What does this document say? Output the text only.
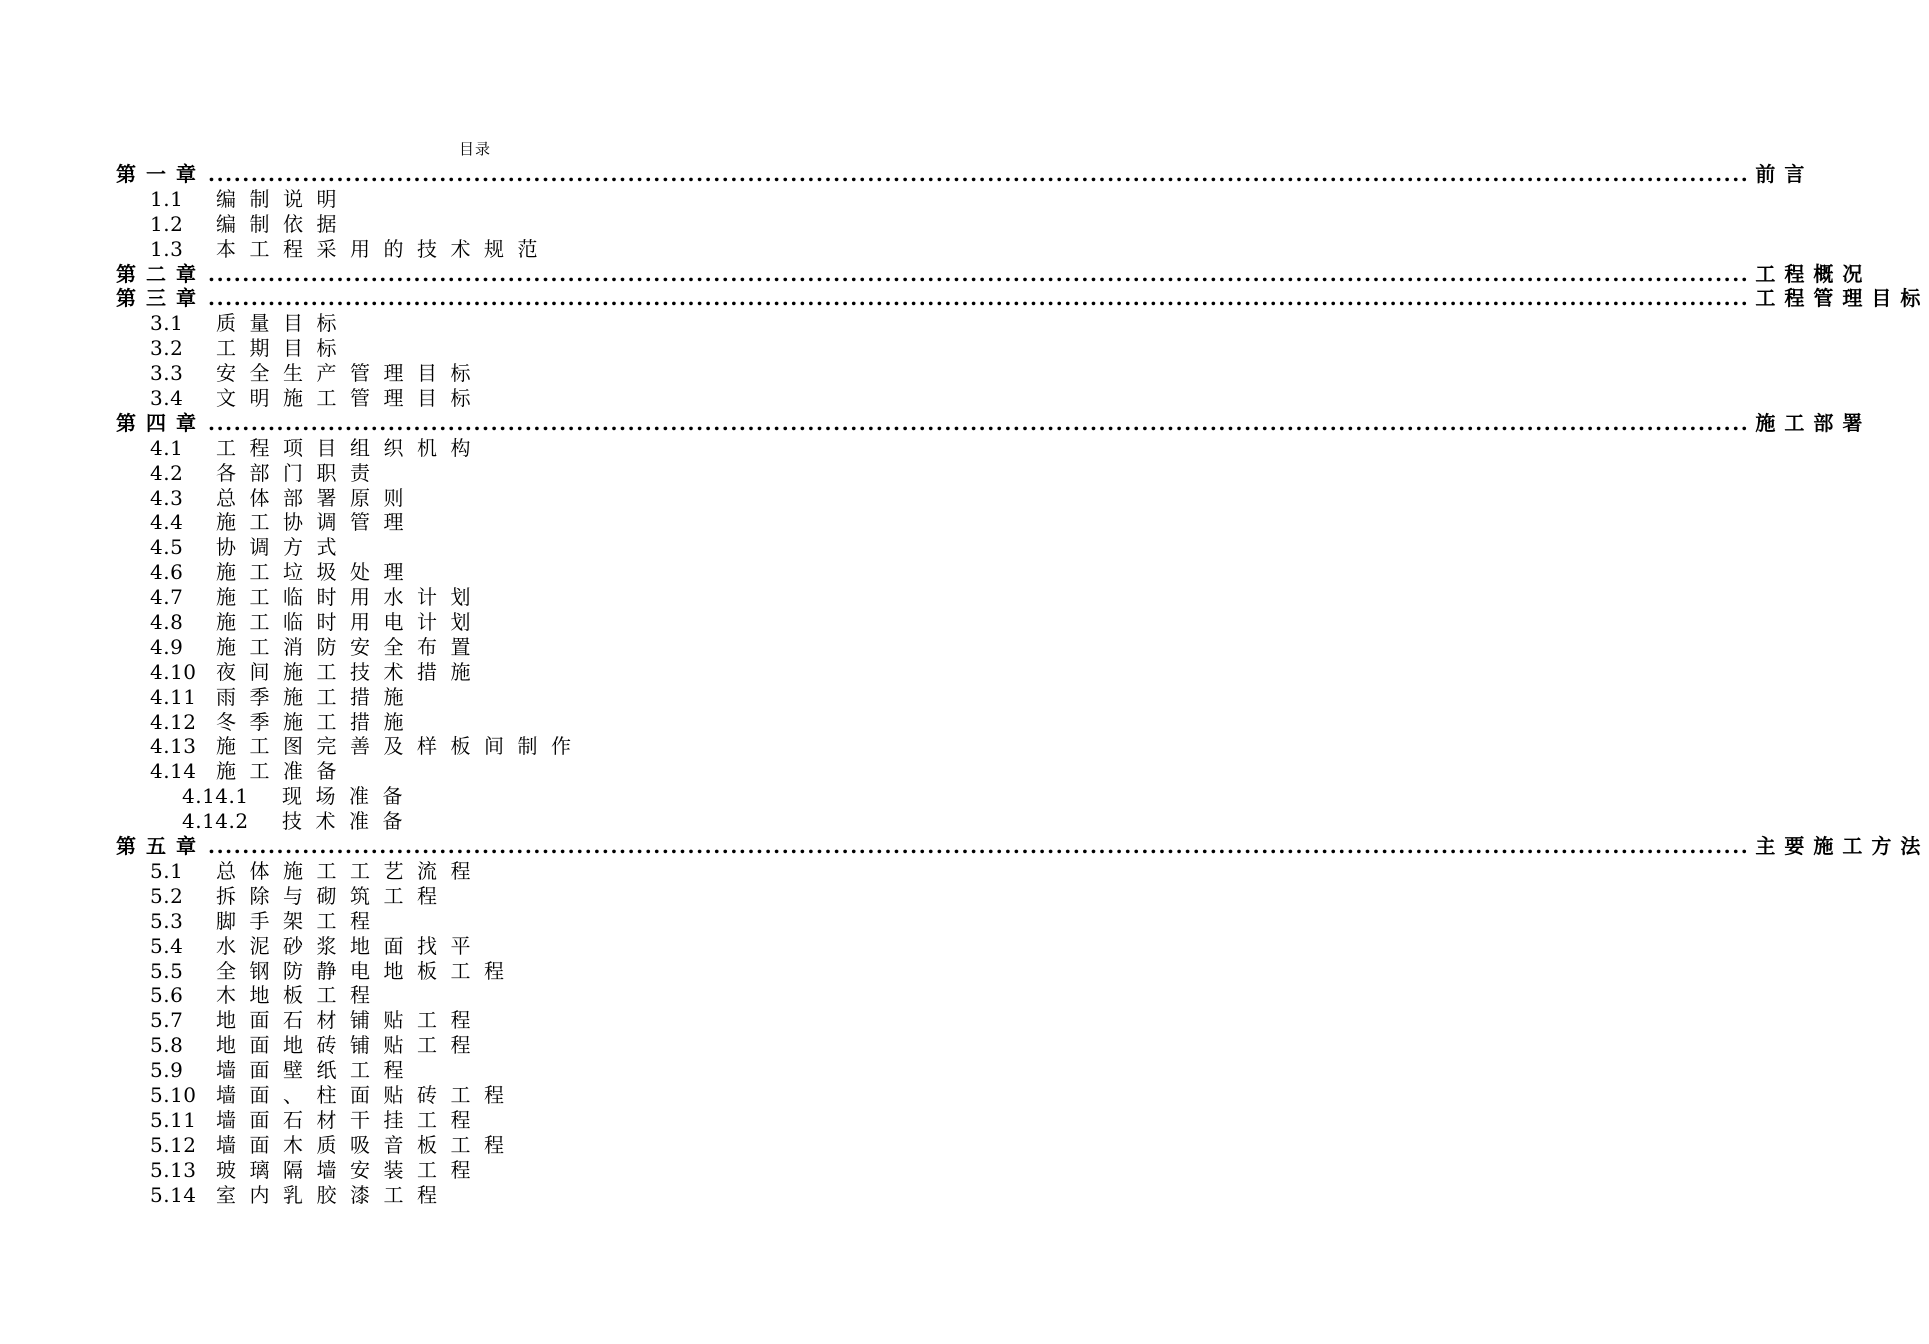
目录
第一章 .................................................................................................................................................................................... 前言
1.1 编制说明
1.2 编制依据
1.3 本工程采用的技术规范
第二章 .................................................................................................................................................................................... 工程概况
第三章 .................................................................................................................................................................................... 工程管理目标
3.1 质量目标
3.2 工期目标
3.3 安全生产管理目标
3.4 文明施工管理目标
第四章 .................................................................................................................................................................................... 施工部署
4.1 工程项目组织机构
4.2 各部门职责
4.3 总体部署原则
4.4 施工协调管理
4.5 协调方式
4.6 施工垃圾处理
4.7 施工临时用水计划
4.8 施工临时用电计划
4.9 施工消防安全布置
4.10 夜间施工技术措施
4.11 雨季施工措施
4.12 冬季施工措施
4.13 施工图完善及样板间制作
4.14 施工准备
4.14.1 现场准备
4.14.2 技术准备
第五章 .................................................................................................................................................................................... 主要施工方法
5.1 总体施工工艺流程
5.2 拆除与砌筑工程
5.3 脚手架工程
5.4 水泥砂浆地面找平
5.5 全钢防静电地板工程
5.6 木地板工程
5.7 地面石材铺贴工程
5.8 地面地砖铺贴工程
5.9 墙面壁纸工程
5.10 墙面、柱面贴砖工程
5.11 墙面石材干挂工程
5.12 墙面木质吸音板工程
5.13 玻璃隔墙安装工程
5.14 室内乳胶漆工程
